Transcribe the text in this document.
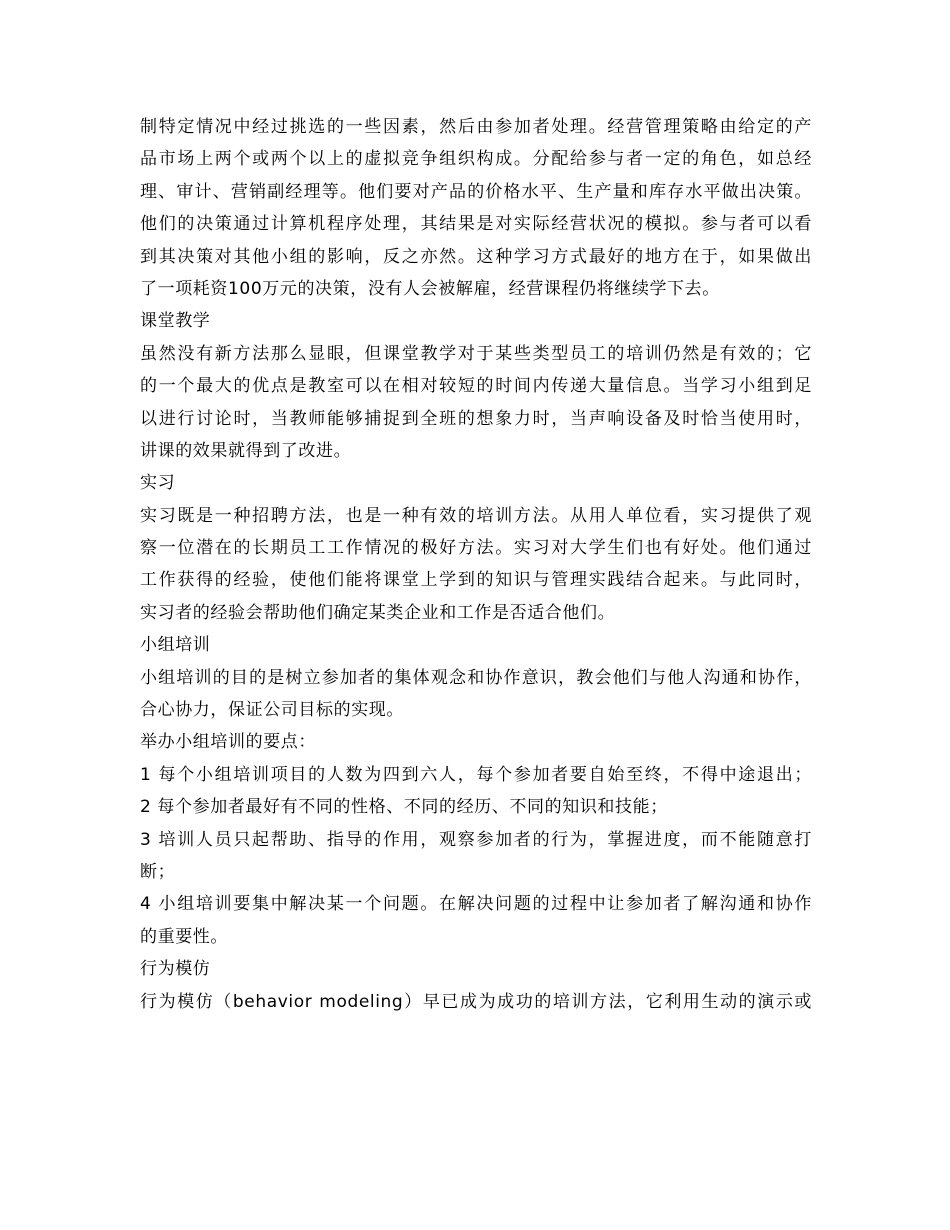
制特定情况中经过挑选的一些因素，然后由参加者处理。经营管理策略由给定的产
品市场上两个或两个以上的虚拟竞争组织构成。分配给参与者一定的角色，如总经
理、审计、营销副经理等。他们要对产品的价格水平、生产量和库存水平做出决策。
他们的决策通过计算机程序处理，其结果是对实际经营状况的模拟。参与者可以看
到其决策对其他小组的影响，反之亦然。这种学习方式最好的地方在于，如果做出
了一项耗资100万元的决策，没有人会被解雇，经营课程仍将继续学下去。
课堂教学
虽然没有新方法那么显眼，但课堂教学对于某些类型员工的培训仍然是有效的；它
的一个最大的优点是教室可以在相对较短的时间内传递大量信息。当学习小组到足
以进行讨论时，当教师能够捕捉到全班的想象力时，当声响设备及时恰当使用时，
讲课的效果就得到了改进。
实习
实习既是一种招聘方法，也是一种有效的培训方法。从用人单位看，实习提供了观
察一位潜在的长期员工工作情况的极好方法。实习对大学生们也有好处。他们通过
工作获得的经验，使他们能将课堂上学到的知识与管理实践结合起来。与此同时，
实习者的经验会帮助他们确定某类企业和工作是否适合他们。
小组培训
小组培训的目的是树立参加者的集体观念和协作意识，教会他们与他人沟通和协作，
合心协力，保证公司目标的实现。
举办小组培训的要点：
1 每个小组培训项目的人数为四到六人，每个参加者要自始至终，不得中途退出；
2 每个参加者最好有不同的性格、不同的经历、不同的知识和技能；
3 培训人员只起帮助、指导的作用，观察参加者的行为，掌握进度，而不能随意打
断；
4 小组培训要集中解决某一个问题。在解决问题的过程中让参加者了解沟通和协作
的重要性。
行为模仿
行为模仿（behavior modeling）早已成为成功的培训方法，它利用生动的演示或
